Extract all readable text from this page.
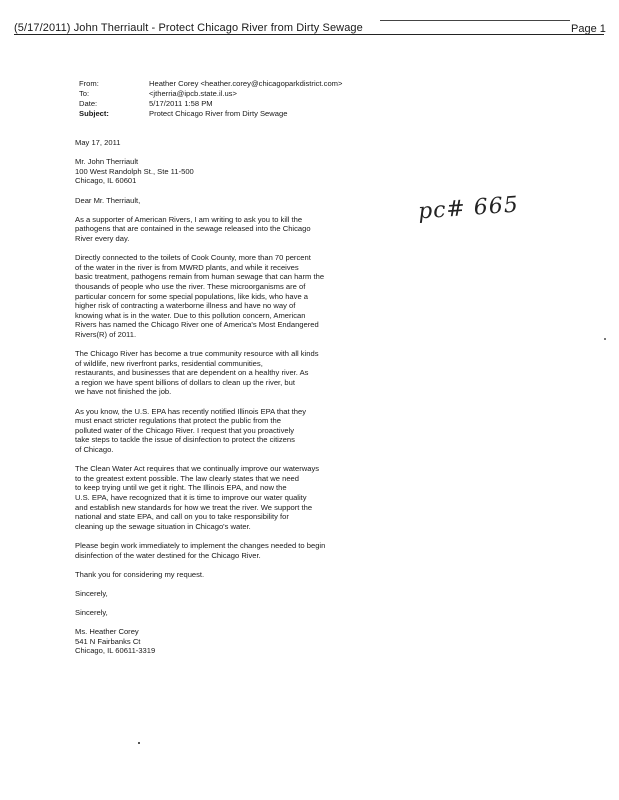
(5/17/2011) John Therriault - Protect Chicago River from Dirty Sewage	Page 1
From:	Heather Corey <heather.corey@chicagoparkdistrict.com>
To:	<jtherria@ipcb.state.il.us>
Date:	5/17/2011 1:58 PM
Subject:	Protect Chicago River from Dirty Sewage

May 17, 2011

Mr. John Therriault

100 West Randolph St., Ste 11-500

Chicago, IL 60601

Dear Mr. Therriault,

As a supporter of American Rivers, I am writing to ask you to kill the

pathogens that are contained in the sewage released into the Chicago

River every day.

Directly connected to the toilets of Cook County, more than 70 percent

of the water in the river is from MWRD plants, and while it receives

basic treatment, pathogens remain from human sewage that can harm the

thousands of people who use the river. These microorganisms are of

particular concern for some special populations, like kids, who have a

higher risk of contracting a waterborne illness and have no way of

knowing what is in the water. Due to this pollution concern, American

Rivers has named the Chicago River one of America's Most Endangered

Rivers(R) of 2011.

The Chicago River has become a true community resource with all kinds

of wildlife, new riverfront parks, residential communities,

restaurants, and businesses that are dependent on a healthy river. As

a region we have spent billions of dollars to clean up the river, but

we have not finished the job.

As you know, the U.S. EPA has recently notified Illinois EPA that they

must enact stricter regulations that protect the public from the

polluted water of the Chicago River. I request that you proactively

take steps to tackle the issue of disinfection to protect the citizens

of Chicago.

The Clean Water Act requires that we continually improve our waterways

to the greatest extent possible. The law clearly states that we need

to keep trying until we get it right. The Illinois EPA, and now the

U.S. EPA, have recognized that it is time to improve our water quality

and establish new standards for how we treat the river. We support the

national and state EPA, and call on you to take responsibility for

cleaning up the sewage situation in Chicago's water.

Please begin work immediately to implement the changes needed to begin

disinfection of the water destined for the Chicago River.

Thank you for considering my request.

Sincerely,

Sincerely,

Ms. Heather Corey

541 N Fairbanks Ct

Chicago, IL 60611-3319

pc# 665
